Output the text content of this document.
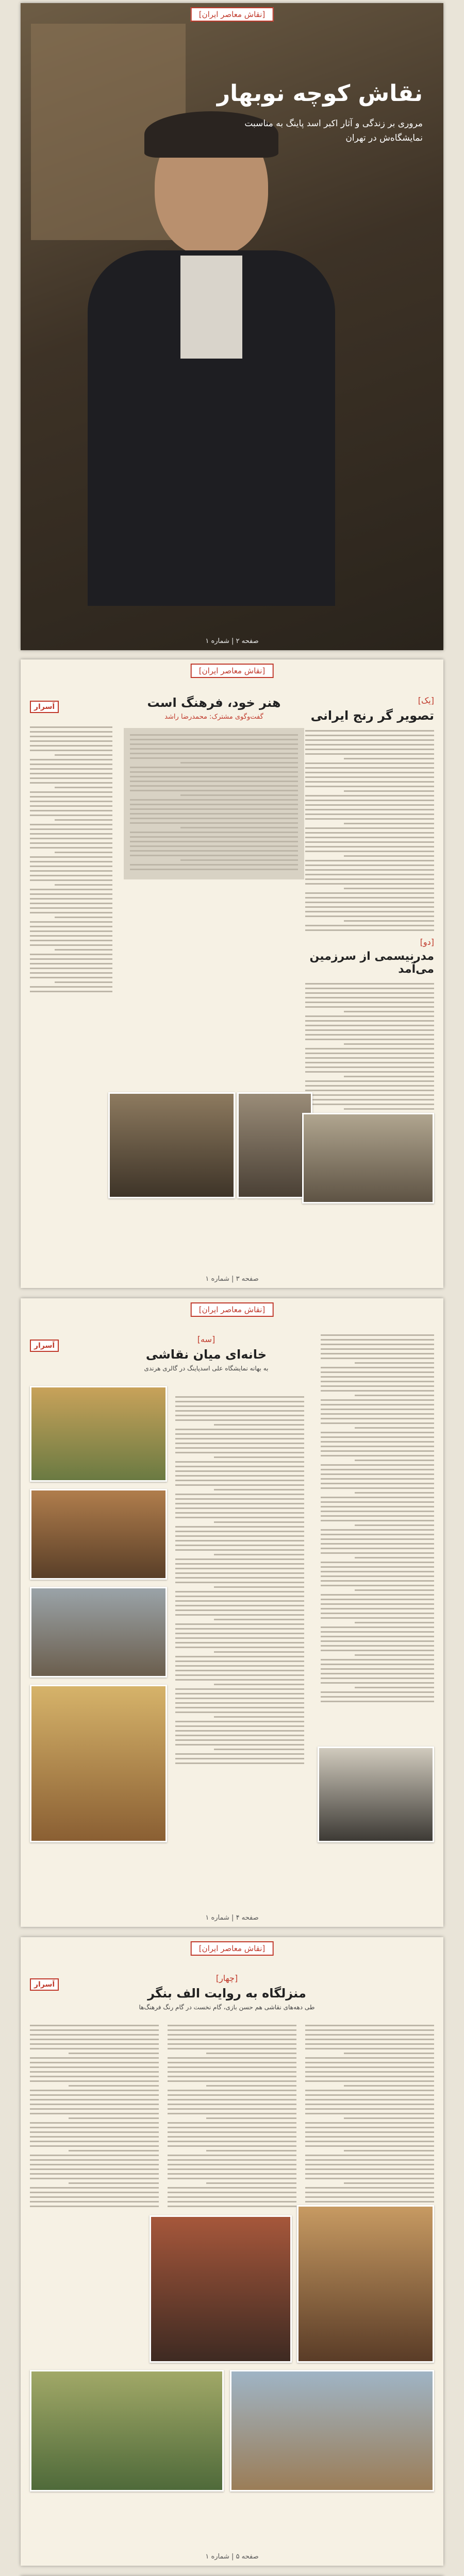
[نقاش معاصر ایران]
نقاش کوچه نوبهار
مروری بر زندگی و آثار اکبر اسد پاینگ به مناسبت نمایشگاه‌ش در تهران
صفحه ۲ | شماره ۱
[نقاش معاصر ایران]
اَسرار
[یک]
تصویر گر رنج ایرانی
[دو]
مدرنیسمی از سرزمین می‌آمد
هنر خود، فرهنگ است
گفت‌وگوی مشترک: محمدرضا راشد
صفحه ۳ | شماره ۱
[نقاش معاصر ایران]
اَسرار
[سه]
خانه‌ای میان نقاشی
به بهانه نمایشگاه علی اسدپاینگ در گالری هرندی
صفحه ۴ | شماره ۱
[نقاش معاصر ایران]
اَسرار
[چهار]
منزلگاه به روایت الف بنگر
طی دهه‌های نقاشی هم حسن بازی، گام نخست در گام رنگ فرهنگ‌ها
صفحه ۵ | شماره ۱
